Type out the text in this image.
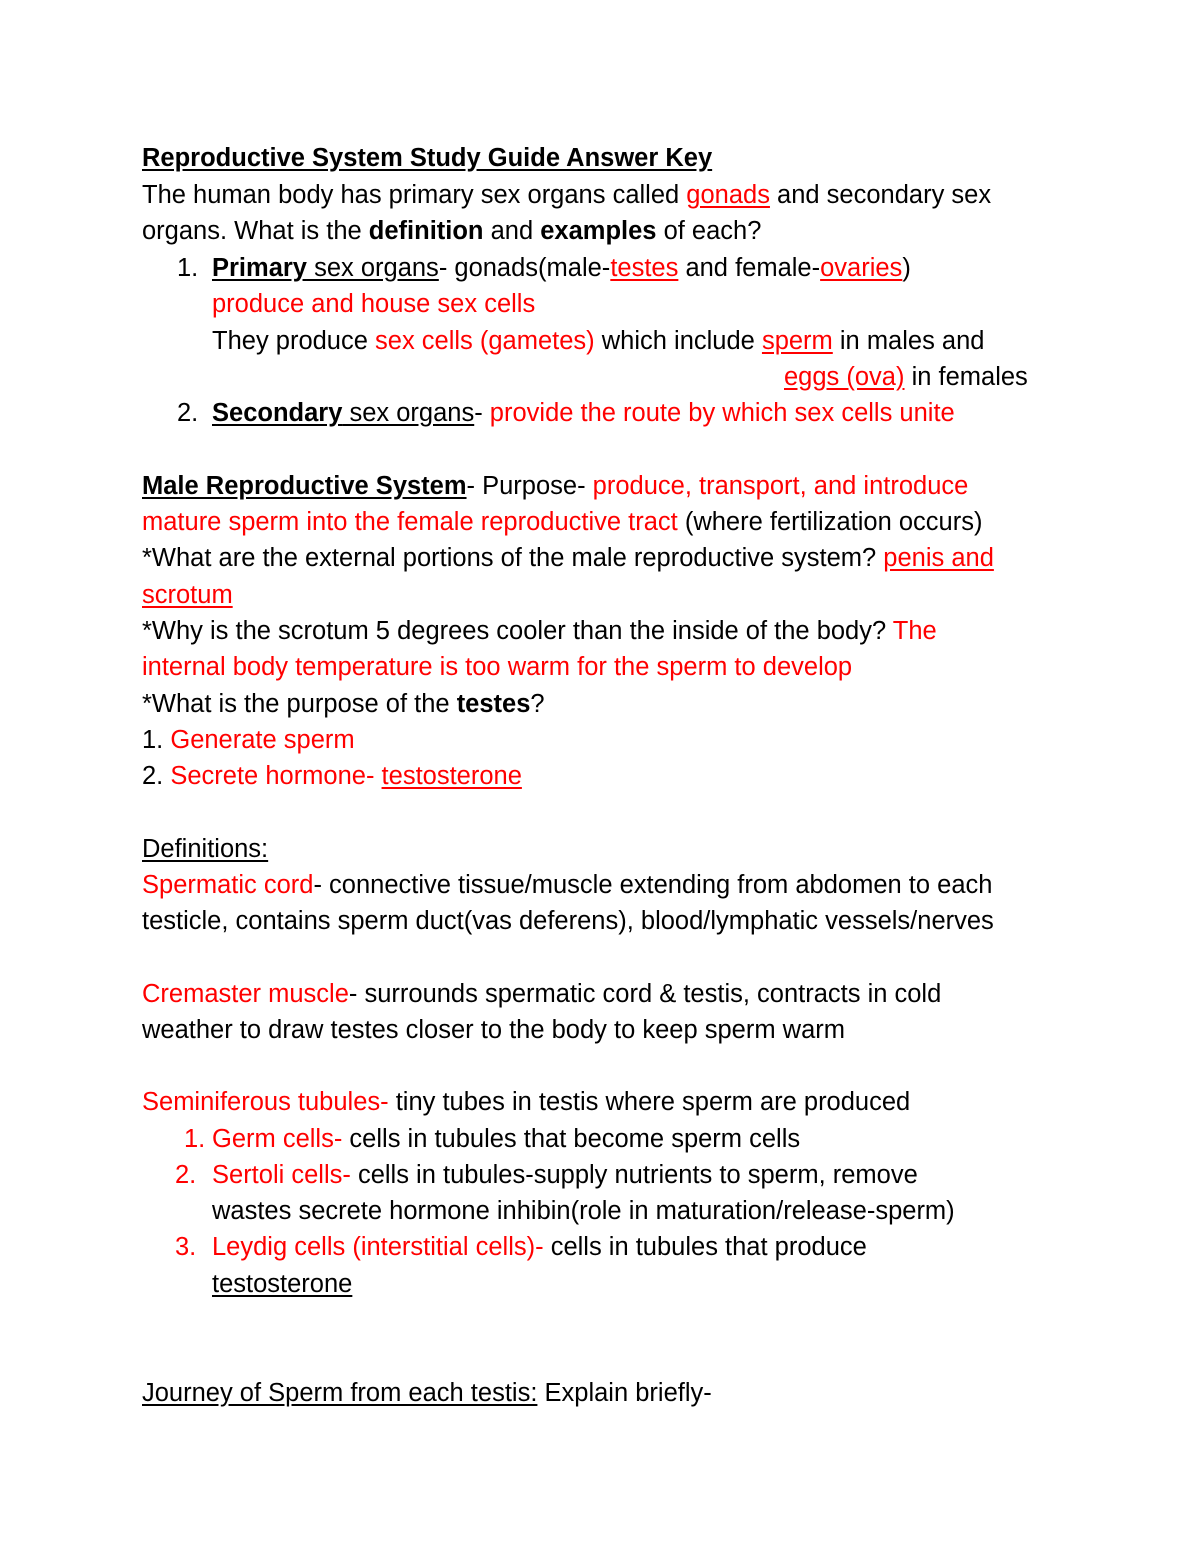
Reproductive System Study Guide Answer Key
The human body has primary sex organs called gonads and secondary sex
organs. What is the definition and examples of each?
1. Primary sex organs- gonads(male-testes and female-ovaries)
produce and house sex cells
They produce sex cells (gametes) which include sperm in males and
eggs (ova) in females
2. Secondary sex organs- provide the route by which sex cells unite
Male Reproductive System- Purpose- produce, transport, and introduce
mature sperm into the female reproductive tract (where fertilization occurs)
*What are the external portions of the male reproductive system? penis and
scrotum
*Why is the scrotum 5 degrees cooler than the inside of the body? The
internal body temperature is too warm for the sperm to develop
*What is the purpose of the testes?
1. Generate sperm
2. Secrete hormone- testosterone
Definitions:
Spermatic cord- connective tissue/muscle extending from abdomen to each
testicle, contains sperm duct(vas deferens), blood/lymphatic vessels/nerves
Cremaster muscle- surrounds spermatic cord & testis, contracts in cold
weather to draw testes closer to the body to keep sperm warm
Seminiferous tubules- tiny tubes in testis where sperm are produced
1. Germ cells- cells in tubules that become sperm cells
2. Sertoli cells- cells in tubules-supply nutrients to sperm, remove
wastes secrete hormone inhibin(role in maturation/release-sperm)
3. Leydig cells (interstitial cells)- cells in tubules that produce
testosterone
Journey of Sperm from each testis: Explain briefly-
